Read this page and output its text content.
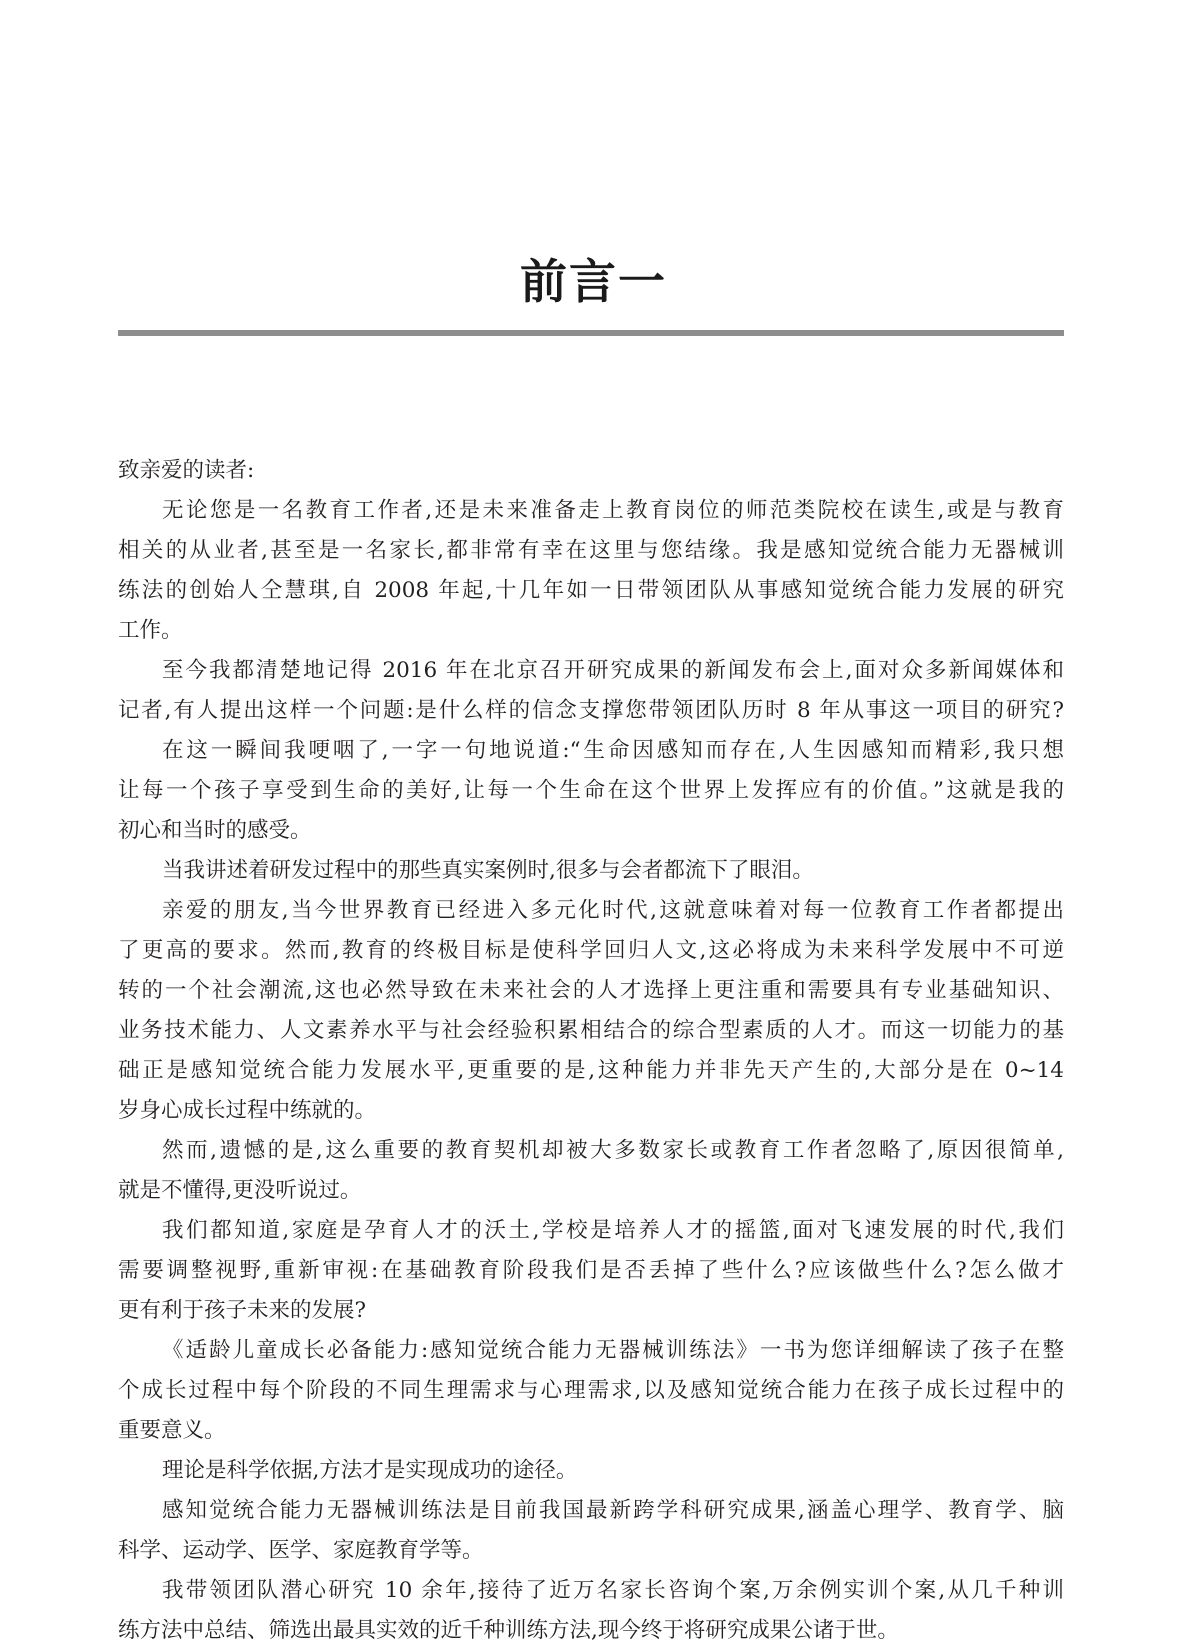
前言一
致亲爱的读者:
无论您是一名教育工作者,还是未来准备走上教育岗位的师范类院校在读生,或是与教育
相关的从业者,甚至是一名家长,都非常有幸在这里与您结缘。我是感知觉统合能力无器械训
练法的创始人仝慧琪,自 2008 年起,十几年如一日带领团队从事感知觉统合能力发展的研究
工作。
至今我都清楚地记得 2016 年在北京召开研究成果的新闻发布会上,面对众多新闻媒体和
记者,有人提出这样一个问题:是什么样的信念支撑您带领团队历时 8 年从事这一项目的研究?
在这一瞬间我哽咽了,一字一句地说道:“生命因感知而存在,人生因感知而精彩,我只想
让每一个孩子享受到生命的美好,让每一个生命在这个世界上发挥应有的价值。”这就是我的
初心和当时的感受。
当我讲述着研发过程中的那些真实案例时,很多与会者都流下了眼泪。
亲爱的朋友,当今世界教育已经进入多元化时代,这就意味着对每一位教育工作者都提出
了更高的要求。然而,教育的终极目标是使科学回归人文,这必将成为未来科学发展中不可逆
转的一个社会潮流,这也必然导致在未来社会的人才选择上更注重和需要具有专业基础知识、
业务技术能力、人文素养水平与社会经验积累相结合的综合型素质的人才。而这一切能力的基
础正是感知觉统合能力发展水平,更重要的是,这种能力并非先天产生的,大部分是在 0~14
岁身心成长过程中练就的。
然而,遗憾的是,这么重要的教育契机却被大多数家长或教育工作者忽略了,原因很简单,
就是不懂得,更没听说过。
我们都知道,家庭是孕育人才的沃土,学校是培养人才的摇篮,面对飞速发展的时代,我们
需要调整视野,重新审视:在基础教育阶段我们是否丢掉了些什么?应该做些什么?怎么做才
更有利于孩子未来的发展?
《适龄儿童成长必备能力:感知觉统合能力无器械训练法》一书为您详细解读了孩子在整
个成长过程中每个阶段的不同生理需求与心理需求,以及感知觉统合能力在孩子成长过程中的
重要意义。
理论是科学依据,方法才是实现成功的途径。
感知觉统合能力无器械训练法是目前我国最新跨学科研究成果,涵盖心理学、教育学、脑
科学、运动学、医学、家庭教育学等。
我带领团队潜心研究 10 余年,接待了近万名家长咨询个案,万余例实训个案,从几千种训
练方法中总结、筛选出最具实效的近千种训练方法,现今终于将研究成果公诸于世。
